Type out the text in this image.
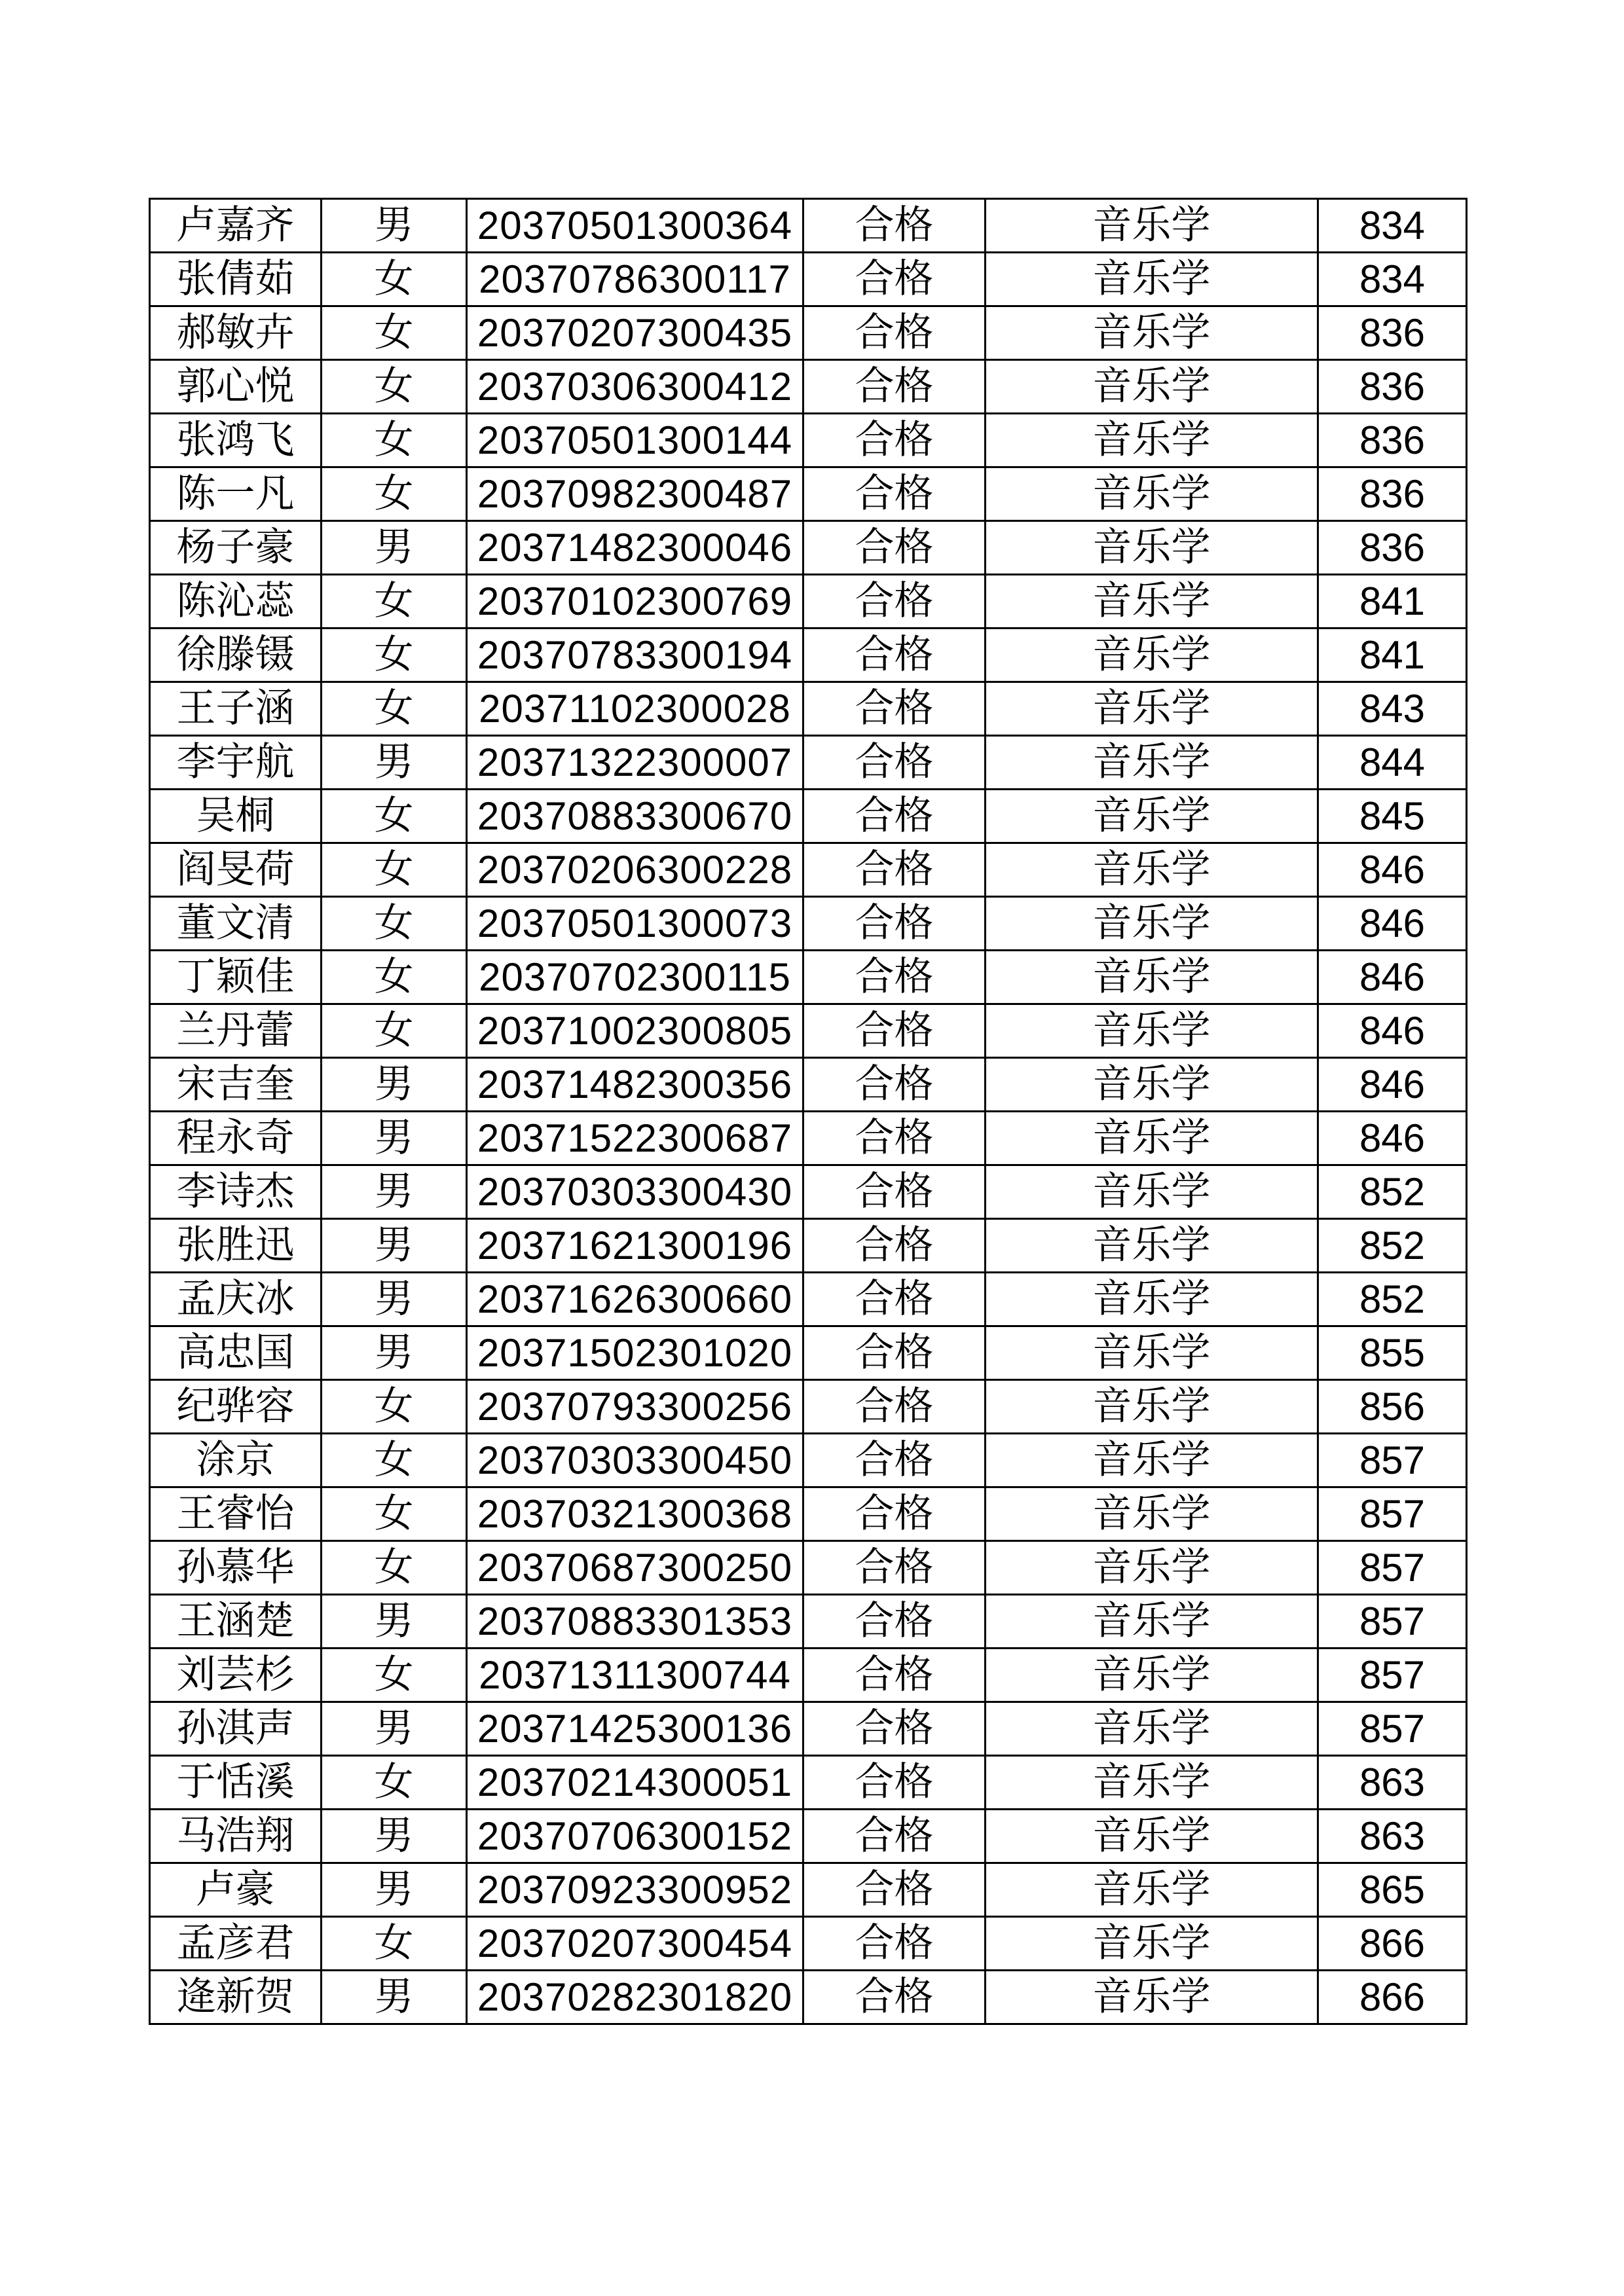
卢嘉齐	男	20370501300364	合格	音乐学	834
张倩茹	女	20370786300117	合格	音乐学	834
郝敏卉	女	20370207300435	合格	音乐学	836
郭心悦	女	20370306300412	合格	音乐学	836
张鸿飞	女	20370501300144	合格	音乐学	836
陈一凡	女	20370982300487	合格	音乐学	836
杨子豪	男	20371482300046	合格	音乐学	836
陈沁蕊	女	20370102300769	合格	音乐学	841
徐滕镊	女	20370783300194	合格	音乐学	841
王子涵	女	20371102300028	合格	音乐学	843
李宇航	男	20371322300007	合格	音乐学	844
吴桐	女	20370883300670	合格	音乐学	845
阎旻荷	女	20370206300228	合格	音乐学	846
董文清	女	20370501300073	合格	音乐学	846
丁颖佳	女	20370702300115	合格	音乐学	846
兰丹蕾	女	20371002300805	合格	音乐学	846
宋吉奎	男	20371482300356	合格	音乐学	846
程永奇	男	20371522300687	合格	音乐学	846
李诗杰	男	20370303300430	合格	音乐学	852
张胜迅	男	20371621300196	合格	音乐学	852
孟庆冰	男	20371626300660	合格	音乐学	852
高忠国	男	20371502301020	合格	音乐学	855
纪骅容	女	20370793300256	合格	音乐学	856
涂京	女	20370303300450	合格	音乐学	857
王睿怡	女	20370321300368	合格	音乐学	857
孙慕华	女	20370687300250	合格	音乐学	857
王涵楚	男	20370883301353	合格	音乐学	857
刘芸杉	女	20371311300744	合格	音乐学	857
孙淇声	男	20371425300136	合格	音乐学	857
于恬溪	女	20370214300051	合格	音乐学	863
马浩翔	男	20370706300152	合格	音乐学	863
卢豪	男	20370923300952	合格	音乐学	865
孟彦君	女	20370207300454	合格	音乐学	866
逄新贺	男	20370282301820	合格	音乐学	866
